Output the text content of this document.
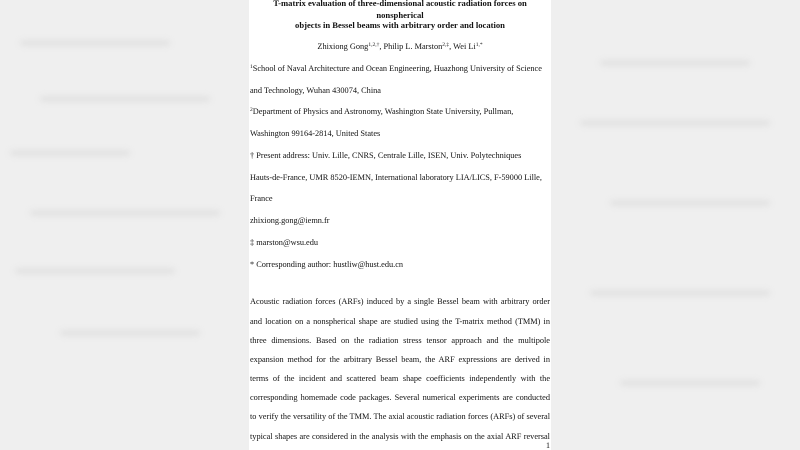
T-matrix evaluation of three-dimensional acoustic radiation forces on nonspherical
objects in Bessel beams with arbitrary order and location
Zhixiong Gong$^{1,2,\dagger}$, Philip L. Marston$^{2,\ddagger}$, Wei $Li^{1,*}$
$^1$School of Naval Architecture and Ocean Engineering, Huazhong University of Science
and Technology, Wuhan 430074, China
$^2$Department of Physics and Astronomy, Washington State University, Pullman,
Washington 99164-2814, United States
† Present address: Univ. Lille, CNRS, Centrale Lille, ISEN, Univ. Polytechniques
Hauts-de-France, UMR 8520-IEMN, International laboratory LIA/LICS, F-59000 Lille,
France
zhixiong.gong@iemn.fr
‡ marston@wsu.edu
* Corresponding author: hustliw@hust.edu.cn
Acoustic radiation forces (ARFs) induced by a single Bessel beam with arbitrary order
and location on a nonspherical shape are studied using the T-matrix method (TMM) in
three dimensions. Based on the radiation stress tensor approach and the multipole
expansion method for the arbitrary Bessel beam, the ARF expressions are derived in
terms of the incident and scattered beam shape coefficients independently with the
corresponding homemade code packages. Several numerical experiments are conducted
to verify the versatility of the TMM. The axial acoustic radiation forces (ARFs) of several
typical shapes are considered in the analysis with the emphasis on the axial ARF reversal
1
